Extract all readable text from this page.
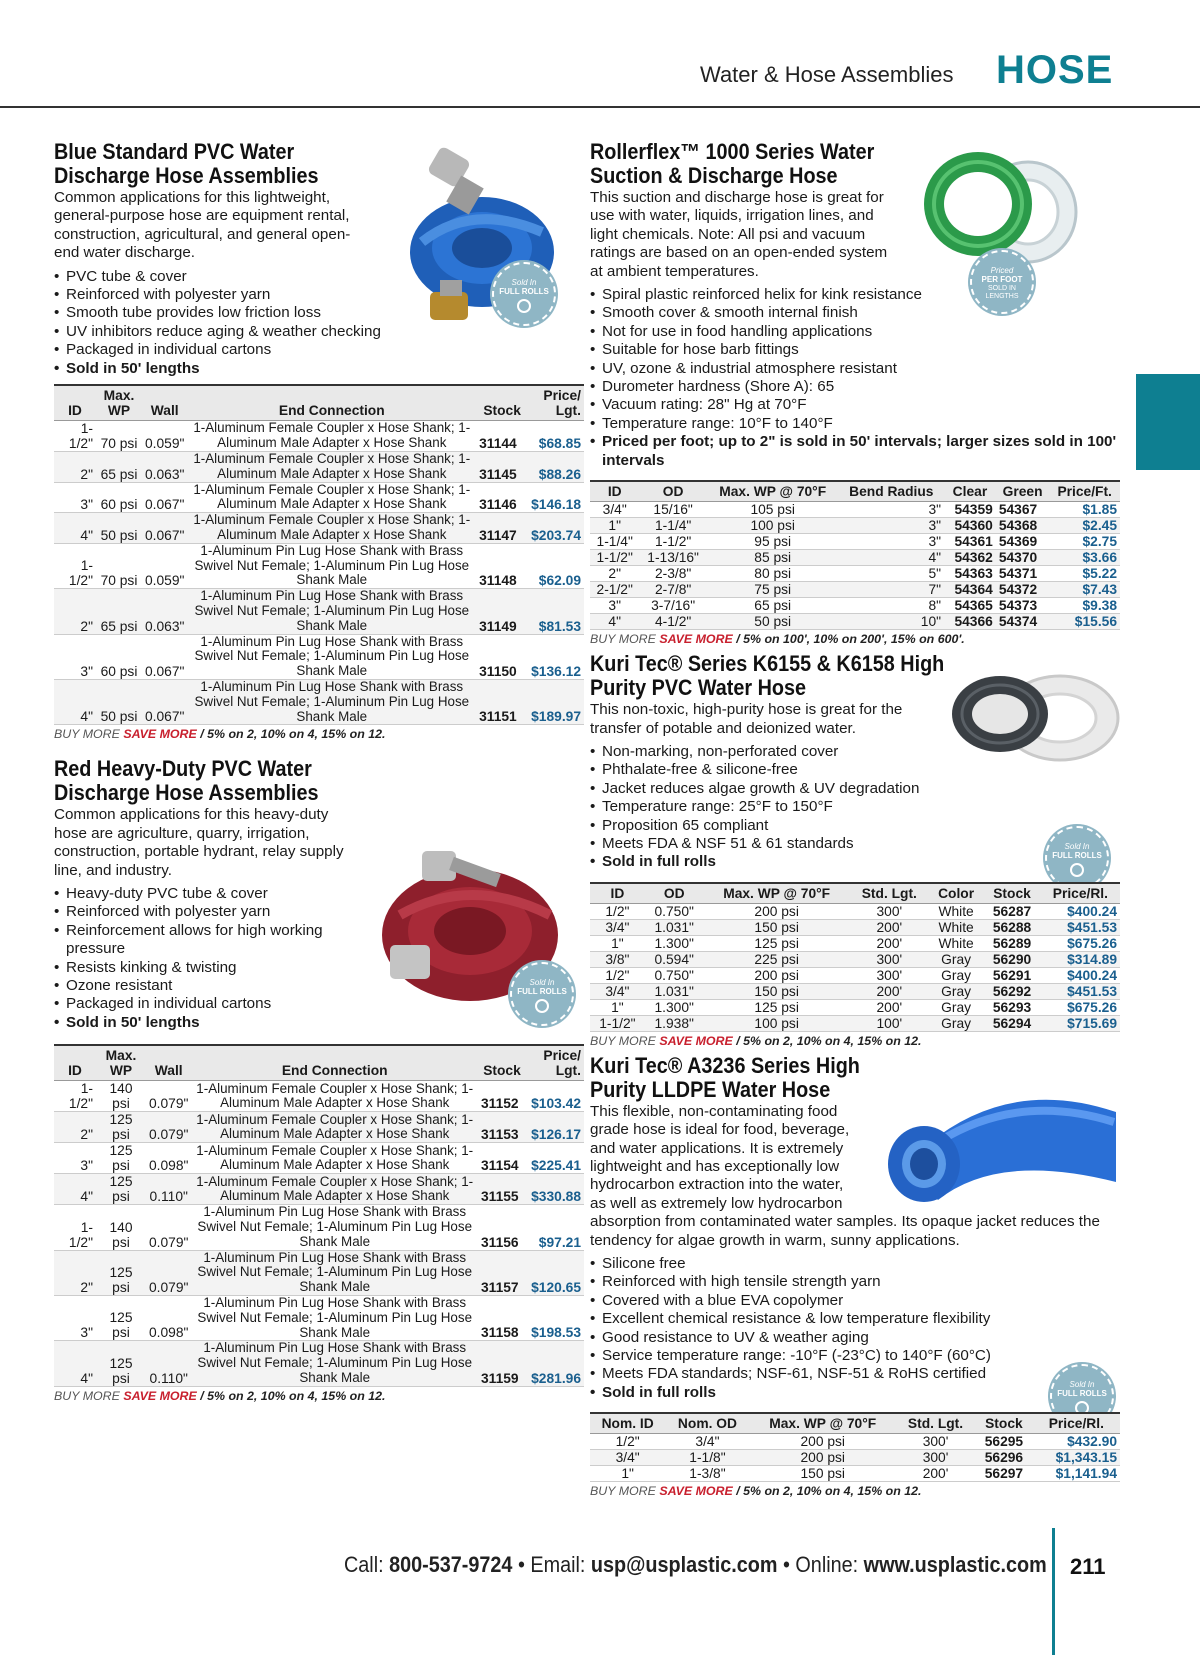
Water & Hose Assemblies HOSE
Sold In
FULL ROLLS
Priced
PER FOOT
SOLD IN LENGTHS
Sold In
FULL ROLLS
Sold In
FULL ROLLS
Sold In
FULL ROLLS
Blue Standard PVC Water
Discharge Hose Assemblies

Common applications for this lightweight, general-purpose hose are equipment rental, construction, agricultural, and general open-end water discharge.

• PVC tube & cover
• Reinforced with polyester yarn
• Smooth tube provides low friction loss
• UV inhibitors reduce aging & weather checking
• Packaged in individual cartons
• Sold in 50' lengths
ID	Max. WP	Wall	End Connection	Stock	Price/ Lgt.
1-1/2"	70 psi	0.059"	1-Aluminum Female Coupler x Hose Shank; 1-Aluminum Male Adapter x Hose Shank	31144	$68.85
2"	65 psi	0.063"	1-Aluminum Female Coupler x Hose Shank; 1-Aluminum Male Adapter x Hose Shank	31145	$88.26
3"	60 psi	0.067"	1-Aluminum Female Coupler x Hose Shank; 1-Aluminum Male Adapter x Hose Shank	31146	$146.18
4"	50 psi	0.067"	1-Aluminum Female Coupler x Hose Shank; 1-Aluminum Male Adapter x Hose Shank	31147	$203.74
1-1/2"	70 psi	0.059"	1-Aluminum Pin Lug Hose Shank with Brass Swivel Nut Female; 1-Aluminum Pin Lug Hose Shank Male	31148	$62.09
2"	65 psi	0.063"	1-Aluminum Pin Lug Hose Shank with Brass Swivel Nut Female; 1-Aluminum Pin Lug Hose Shank Male	31149	$81.53
3"	60 psi	0.067"	1-Aluminum Pin Lug Hose Shank with Brass Swivel Nut Female; 1-Aluminum Pin Lug Hose Shank Male	31150	$136.12
4"	50 psi	0.067"	1-Aluminum Pin Lug Hose Shank with Brass Swivel Nut Female; 1-Aluminum Pin Lug Hose Shank Male	31151	$189.97
BUY MORE SAVE MORE / 5% on 2, 10% on 4, 15% on 12.
Red Heavy-Duty PVC Water
Discharge Hose Assemblies

Common applications for this heavy-duty hose are agriculture, quarry, irrigation, construction, portable hydrant, relay supply line, and industry.

• Heavy-duty PVC tube & cover
• Reinforced with polyester yarn
• Reinforcement allows for high working pressure
• Resists kinking & twisting
• Ozone resistant
• Packaged in individual cartons
• Sold in 50' lengths
ID	Max. WP	Wall	End Connection	Stock	Price/ Lgt.
1-1/2"	140 psi	0.079"	1-Aluminum Female Coupler x Hose Shank; 1-Aluminum Male Adapter x Hose Shank	31152	$103.42
2"	125 psi	0.079"	1-Aluminum Female Coupler x Hose Shank; 1-Aluminum Male Adapter x Hose Shank	31153	$126.17
3"	125 psi	0.098"	1-Aluminum Female Coupler x Hose Shank; 1-Aluminum Male Adapter x Hose Shank	31154	$225.41
4"	125 psi	0.110"	1-Aluminum Female Coupler x Hose Shank; 1-Aluminum Male Adapter x Hose Shank	31155	$330.88
1-1/2"	140 psi	0.079"	1-Aluminum Pin Lug Hose Shank with Brass Swivel Nut Female; 1-Aluminum Pin Lug Hose Shank Male	31156	$97.21
2"	125 psi	0.079"	1-Aluminum Pin Lug Hose Shank with Brass Swivel Nut Female; 1-Aluminum Pin Lug Hose Shank Male	31157	$120.65
3"	125 psi	0.098"	1-Aluminum Pin Lug Hose Shank with Brass Swivel Nut Female; 1-Aluminum Pin Lug Hose Shank Male	31158	$198.53
4"	125 psi	0.110"	1-Aluminum Pin Lug Hose Shank with Brass Swivel Nut Female; 1-Aluminum Pin Lug Hose Shank Male	31159	$281.96
BUY MORE SAVE MORE / 5% on 2, 10% on 4, 15% on 12.
Rollerflex™ 1000 Series Water
Suction & Discharge Hose

This suction and discharge hose is great for use with water, liquids, irrigation lines, and light chemicals. Note: All psi and vacuum ratings are based on an open-ended system at ambient temperatures.

• Spiral plastic reinforced helix for kink resistance
• Smooth cover & smooth internal finish
• Not for use in food handling applications
• Suitable for hose barb fittings
• UV, ozone & industrial atmosphere resistant
• Durometer hardness (Shore A): 65
• Vacuum rating: 28" Hg at 70°F
• Temperature range: 10°F to 140°F
• Priced per foot; up to 2" is sold in 50' intervals; larger sizes sold in 100' intervals
ID	OD	Max. WP @ 70°F	Bend Radius	Clear	Green	Price/Ft.
3/4"	15/16"	105 psi	3"	54359	54367	$1.85
1"	1-1/4"	100 psi	3"	54360	54368	$2.45
1-1/4"	1-1/2"	95 psi	3"	54361	54369	$2.75
1-1/2"	1-13/16"	85 psi	4"	54362	54370	$3.66
2"	2-3/8"	80 psi	5"	54363	54371	$5.22
2-1/2"	2-7/8"	75 psi	7"	54364	54372	$7.43
3"	3-7/16"	65 psi	8"	54365	54373	$9.38
4"	4-1/2"	50 psi	10"	54366	54374	$15.56
BUY MORE SAVE MORE / 5% on 100', 10% on 200', 15% on 600'.
Kuri Tec® Series K6155 & K6158 High
Purity PVC Water Hose

This non-toxic, high-purity hose is great for the transfer of potable and deionized water.

• Non-marking, non-perforated cover
• Phthalate-free & silicone-free
• Jacket reduces algae growth & UV degradation
• Temperature range: 25°F to 150°F
• Proposition 65 compliant
• Meets FDA & NSF 51 & 61 standards
• Sold in full rolls
ID	OD	Max. WP @ 70°F	Std. Lgt.	Color	Stock	Price/Rl.
1/2"	0.750"	200 psi	300'	White	56287	$400.24
3/4"	1.031"	150 psi	200'	White	56288	$451.53
1"	1.300"	125 psi	200'	White	56289	$675.26
3/8"	0.594"	225 psi	300'	Gray	56290	$314.89
1/2"	0.750"	200 psi	300'	Gray	56291	$400.24
3/4"	1.031"	150 psi	200'	Gray	56292	$451.53
1"	1.300"	125 psi	200'	Gray	56293	$675.26
1-1/2"	1.938"	100 psi	100'	Gray	56294	$715.69
BUY MORE SAVE MORE / 5% on 2, 10% on 4, 15% on 12.
Kuri Tec® A3236 Series High
Purity LLDPE Water Hose

This flexible, non-contaminating food grade hose is ideal for food, beverage, and water applications. It is extremely lightweight and has exceptionally low hydrocarbon extraction into the water, as well as extremely low hydrocarbon

absorption from contaminated water samples. Its opaque jacket reduces the tendency for algae growth in warm, sunny applications.

• Silicone free
• Reinforced with high tensile strength yarn
• Covered with a blue EVA copolymer
• Excellent chemical resistance & low temperature flexibility
• Good resistance to UV & weather aging
• Service temperature range: -10°F (-23°C) to 140°F (60°C)
• Meets FDA standards; NSF-61, NSF-51 & RoHS certified
• Sold in full rolls
Nom. ID	Nom. OD	Max. WP @ 70°F	Std. Lgt.	Stock	Price/Rl.
1/2"	3/4"	200 psi	300'	56295	$432.90
3/4"	1-1/8"	200 psi	300'	56296	$1,343.15
1"	1-3/8"	150 psi	200'	56297	$1,141.94
BUY MORE SAVE MORE / 5% on 2, 10% on 4, 15% on 12.
Call: 800-537-9724 • Email: usp@usplastic.com • Online: www.usplastic.com 211
